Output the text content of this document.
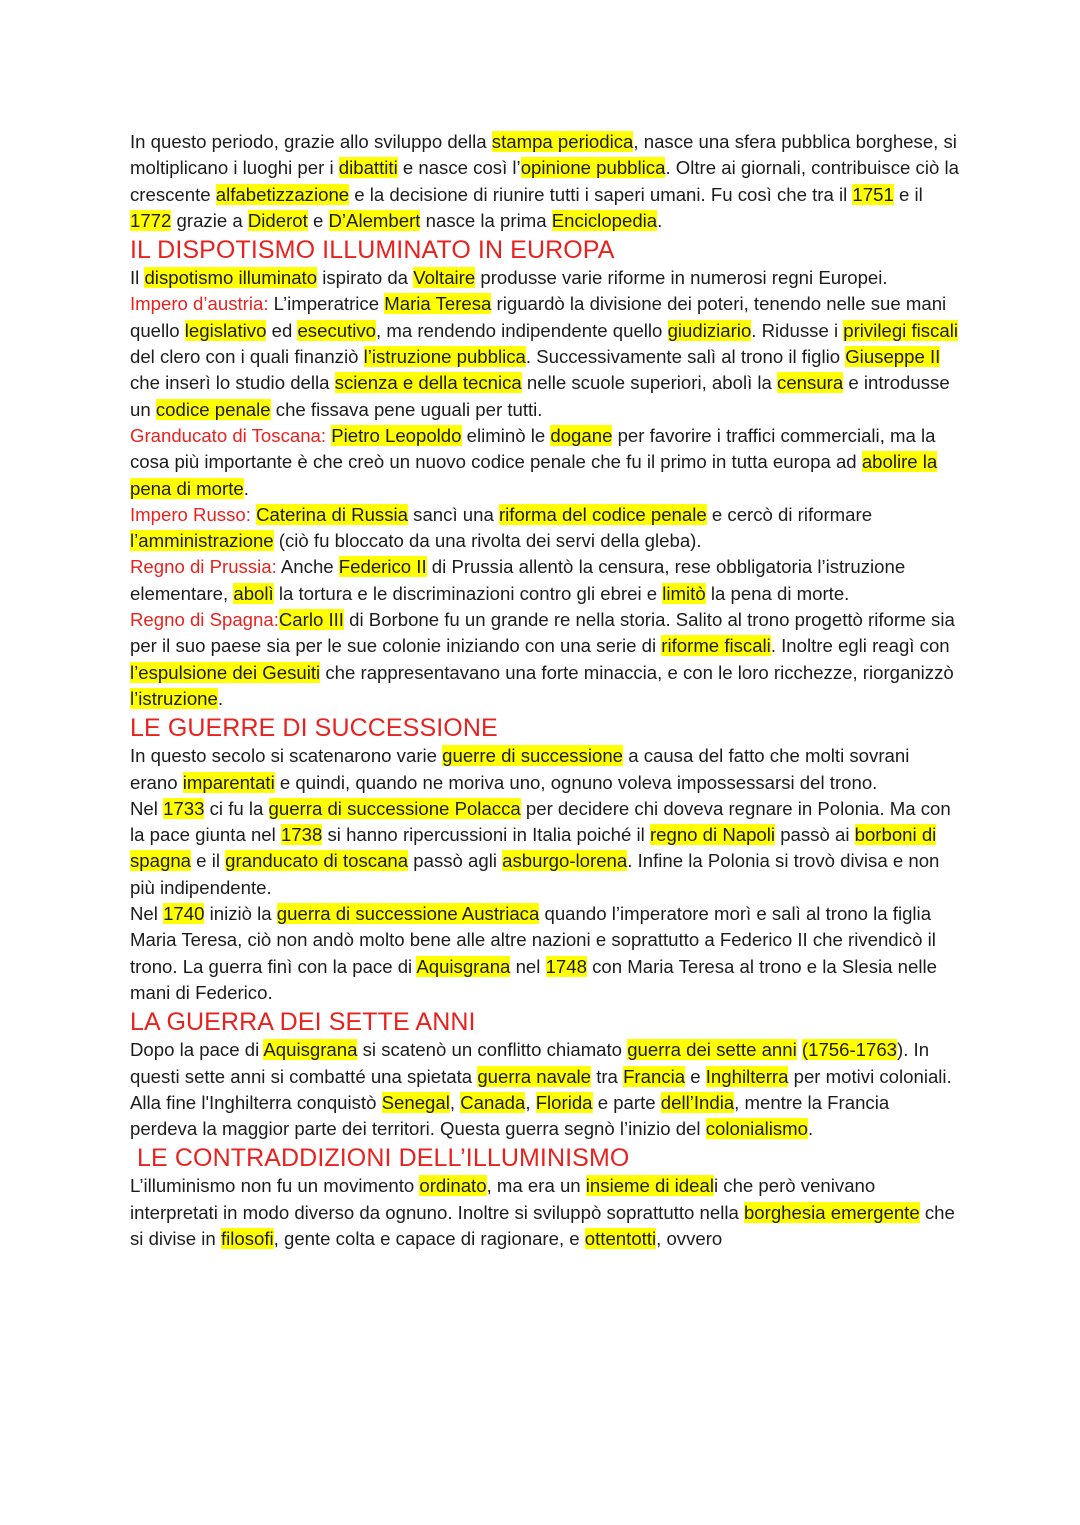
In questo periodo, grazie allo sviluppo della stampa periodica, nasce una sfera pubblica borghese, si moltiplicano i luoghi per i dibattiti e nasce così l’opinione pubblica. Oltre ai giornali, contribuisce ciò la crescente alfabetizzazione e la decisione di riunire tutti i saperi umani. Fu così che tra il 1751 e il 1772 grazie a Diderot e D’Alembert nasce la prima Enciclopedia.

IL DISPOTISMO ILLUMINATO IN EUROPA

Il dispotismo illuminato ispirato da Voltaire produsse varie riforme in numerosi regni Europei.

Impero d’austria: L’imperatrice Maria Teresa riguardò la divisione dei poteri, tenendo nelle sue mani quello legislativo ed esecutivo, ma rendendo indipendente quello giudiziario. Ridusse i privilegi fiscali del clero con i quali finanziò l’istruzione pubblica. Successivamente salì al trono il figlio Giuseppe II che inserì lo studio della scienza e della tecnica nelle scuole superiori, abolì la censura e introdusse un codice penale che fissava pene uguali per tutti.

Granducato di Toscana: Pietro Leopoldo eliminò le dogane per favorire i traffici commerciali, ma la cosa più importante è che creò un nuovo codice penale che fu il primo in tutta europa ad abolire la pena di morte.

Impero Russo: Caterina di Russia sancì una riforma del codice penale e cercò di riformare l’amministrazione (ciò fu bloccato da una rivolta dei servi della gleba).

Regno di Prussia: Anche Federico II di Prussia allentò la censura, rese obbligatoria l’istruzione elementare, abolì la tortura e le discriminazioni contro gli ebrei e limitò la pena di morte.

Regno di Spagna:Carlo III di Borbone fu un grande re nella storia. Salito al trono progettò riforme sia per il suo paese sia per le sue colonie iniziando con una serie di riforme fiscali. Inoltre egli reagì con l’espulsione dei Gesuiti che rappresentavano una forte minaccia, e con le loro ricchezze, riorganizzò l’istruzione.

LE GUERRE DI SUCCESSIONE

In questo secolo si scatenarono varie guerre di successione a causa del fatto che molti sovrani erano imparentati e quindi, quando ne moriva uno, ognuno voleva impossessarsi del trono.

Nel 1733 ci fu la guerra di successione Polacca per decidere chi doveva regnare in Polonia. Ma con la pace giunta nel 1738 si hanno ripercussioni in Italia poiché il regno di Napoli passò ai borboni di spagna e il granducato di toscana passò agli asburgo-lorena. Infine la Polonia si trovò divisa e non più indipendente.

Nel 1740 iniziò la guerra di successione Austriaca quando l’imperatore morì e salì al trono la figlia Maria Teresa, ciò non andò molto bene alle altre nazioni e soprattutto a Federico II che rivendicò il trono. La guerra finì con la pace di Aquisgrana nel 1748 con Maria Teresa al trono e la Slesia nelle mani di Federico.

LA GUERRA DEI SETTE ANNI

Dopo la pace di Aquisgrana si scatenò un conflitto chiamato guerra dei sette anni (1756-1763). In questi sette anni si combatté una spietata guerra navale tra Francia e Inghilterra per motivi coloniali. Alla fine l'Inghilterra conquistò Senegal, Canada, Florida e parte dell’India, mentre la Francia perdeva la maggior parte dei territori. Questa guerra segnò l’inizio del colonialismo.

LE CONTRADDIZIONI DELL’ILLUMINISMO

L’illuminismo non fu un movimento ordinato, ma era un insieme di ideali che però venivano interpretati in modo diverso da ognuno. Inoltre si sviluppò soprattutto nella borghesia emergente che si divise in filosofi, gente colta e capace di ragionare, e ottentotti, ovvero
